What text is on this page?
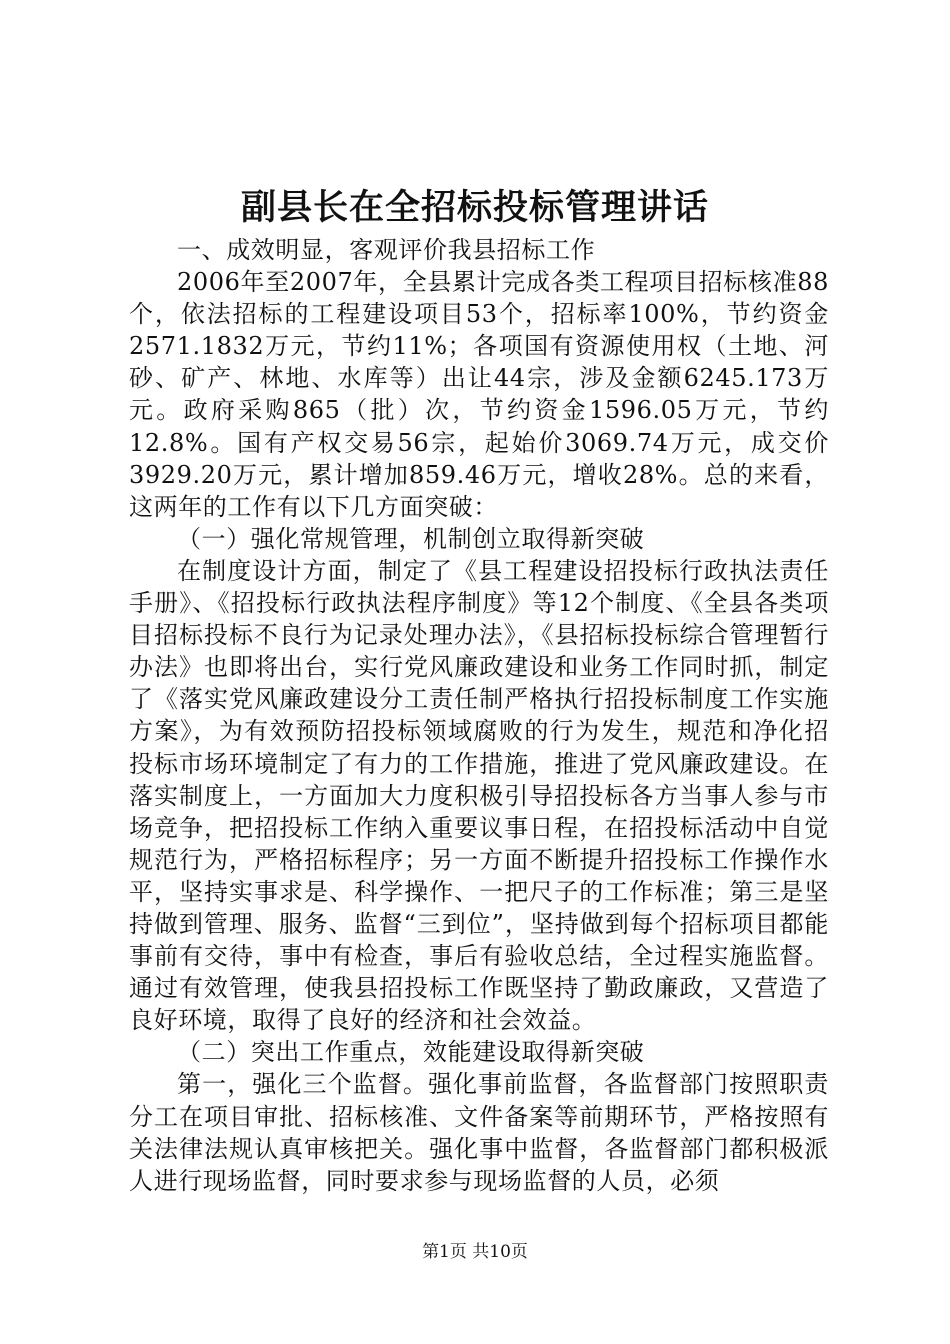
副县长在全招标投标管理讲话

一、成效明显，客观评价我县招标工作

2006年至2007年，全县累计完成各类工程项目招标核准88个，依法招标的工程建设项目53个，招标率100%，节约资金2571.1832万元，节约11%；各项国有资源使用权（土地、河砂、矿产、林地、水库等）出让44宗，涉及金额6245.173万元。政府采购865（批）次，节约资金1596.05万元，节约12.8%。国有产权交易56宗，起始价3069.74万元，成交价3929.20万元，累计增加859.46万元，增收28%。总的来看，这两年的工作有以下几方面突破：

（一）强化常规管理，机制创立取得新突破

在制度设计方面，制定了《县工程建设招投标行政执法责任手册》、《招投标行政执法程序制度》等12个制度、《全县各类项目招标投标不良行为记录处理办法》，《县招标投标综合管理暂行办法》也即将出台，实行党风廉政建设和业务工作同时抓，制定了《落实党风廉政建设分工责任制严格执行招投标制度工作实施方案》，为有效预防招投标领域腐败的行为发生，规范和净化招投标市场环境制定了有力的工作措施，推进了党风廉政建设。在落实制度上，一方面加大力度积极引导招投标各方当事人参与市场竞争，把招投标工作纳入重要议事日程，在招投标活动中自觉规范行为，严格招标程序；另一方面不断提升招投标工作操作水平，坚持实事求是、科学操作、一把尺子的工作标准；第三是坚持做到管理、服务、监督“三到位”，坚持做到每个招标项目都能事前有交待，事中有检查，事后有验收总结，全过程实施监督。通过有效管理，使我县招投标工作既坚持了勤政廉政，又营造了良好环境，取得了良好的经济和社会效益。

（二）突出工作重点，效能建设取得新突破

第一，强化三个监督。强化事前监督，各监督部门按照职责分工在项目审批、招标核准、文件备案等前期环节，严格按照有关法律法规认真审核把关。强化事中监督，各监督部门都积极派人进行现场监督，同时要求参与现场监督的人员，必须

第1页 共10页
